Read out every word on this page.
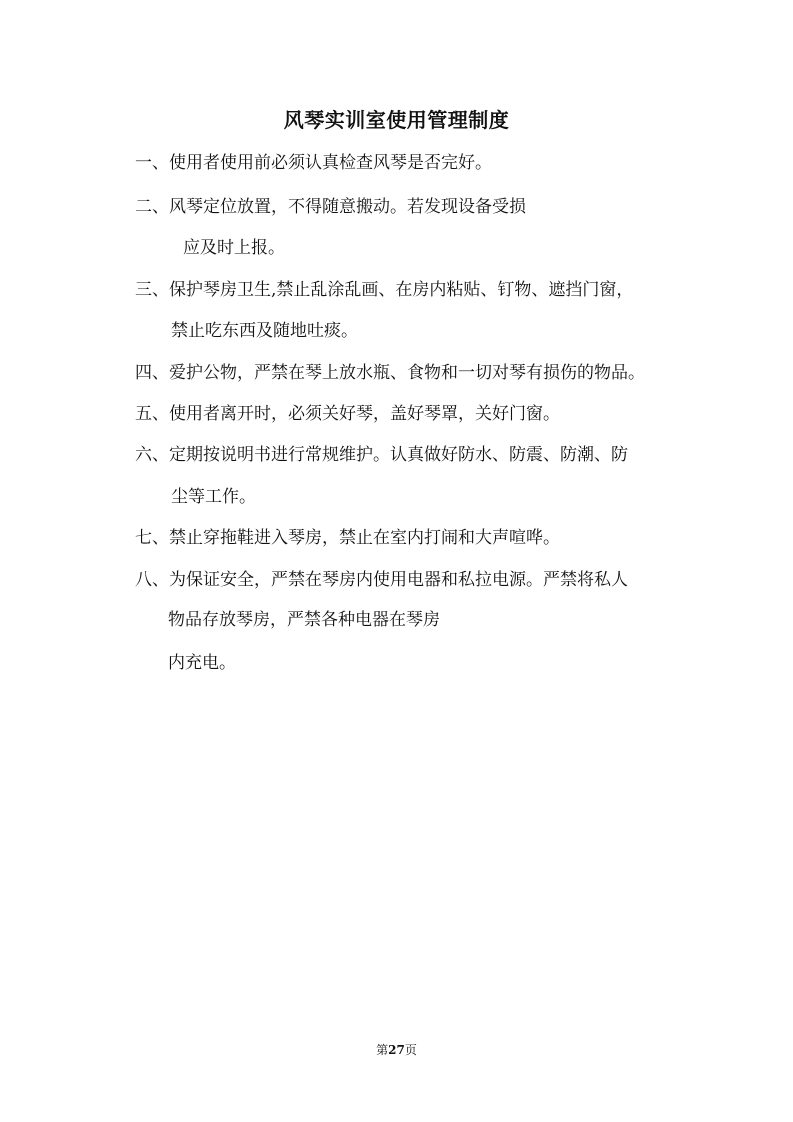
风琴实训室使用管理制度
一、使用者使用前必须认真检查风琴是否完好。
二、风琴定位放置，不得随意搬动。若发现设备受损
应及时上报。
三、保护琴房卫生,禁止乱涂乱画、在房内粘贴、钉物、遮挡门窗，
禁止吃东西及随地吐痰。
四、爱护公物，严禁在琴上放水瓶、食物和一切对琴有损伤的物品。
五、使用者离开时，必须关好琴，盖好琴罩，关好门窗。
六、定期按说明书进行常规维护。认真做好防水、防震、防潮、防
尘等工作。
七、禁止穿拖鞋进入琴房，禁止在室内打闹和大声喧哗。
八、为保证安全，严禁在琴房内使用电器和私拉电源。严禁将私人
物品存放琴房，严禁各种电器在琴房
内充电。
第27页
